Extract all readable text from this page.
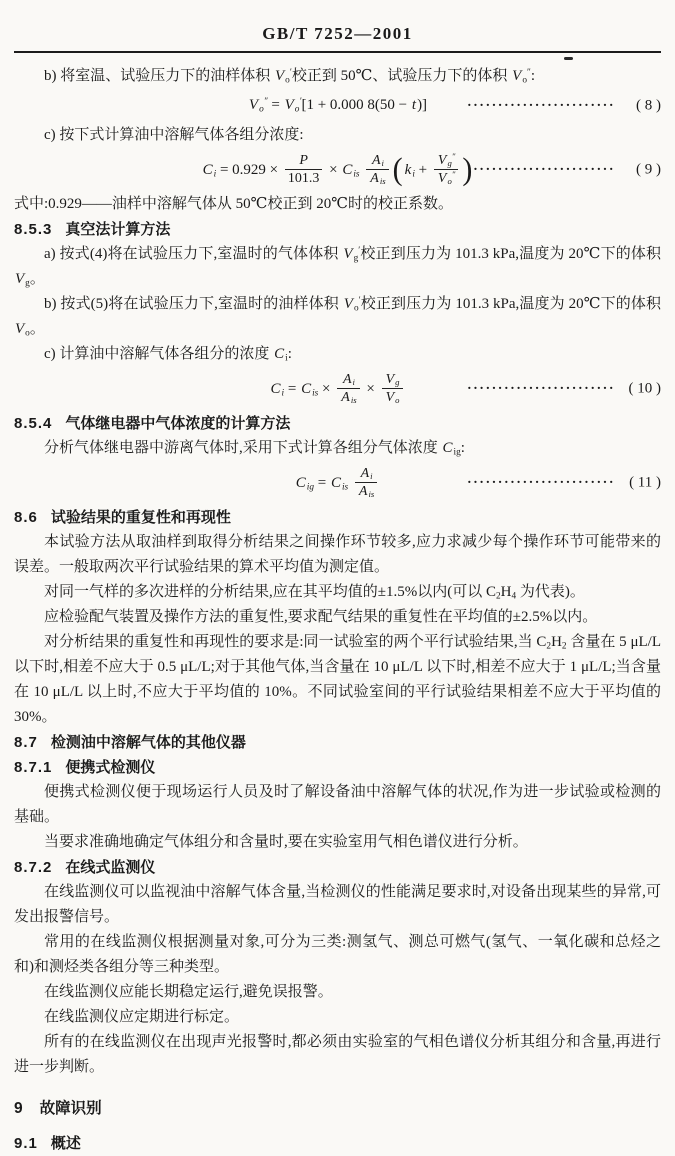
GB/T 7252—2001

b) 将室温、试验压力下的油样体积 $V_o'$校正到 50℃、试验压力下的体积 $V_o''$:

$V_o'' = V_o'[1 + 0.000$ 8(50 − t)]	························	( 8 )

c) 按下式计算油中溶解气体各组分浓度:

$C_i = 0.929 \times \frac{P}{101.3} \times C_{is} \frac{A_i}{A_{is}}$ ( $k_i + \frac{V_g''}{V_o''}$ )
························	( 9 )

式中:0.929——油样中溶解气体从 50℃校正到 20℃时的校正系数。

8.5.3 真空法计算方法

a) 按式(4)将在试验压力下,室温时的气体体积 $V_g'$校正到压力为 101.3 kPa,温度为 20℃下的体积 $V_g$。

b) 按式(5)将在试验压力下,室温时的油样体积 $V_o'$校正到压力为 101.3 kPa,温度为 20℃下的体积 $V_o$。

c) 计算油中溶解气体各组分的浓度 $C_i$:

$C_i = C_{is} \times \frac{A_i}{A_{is}} \times \frac{V_g}{V_o}$	························ ( 10 )
8.5.4 气体继电器中气体浓度的计算方法

分析气体继电器中游离气体时,采用下式计算各组分气体浓度 $C_{ig}$:

$C_{ig} = C_{is} \frac{A_i}{A_{is}}$	························ ( 11 )
8.6 试验结果的重复性和再现性

本试验方法从取油样到取得分析结果之间操作环节较多,应力求减少每个操作环节可能带来的误差。一般取两次平行试验结果的算术平均值为测定值。

对同一气样的多次进样的分析结果,应在其平均值的±1.5%以内(可以 $C_2H_4$ 为代表)。

应检验配气装置及操作方法的重复性,要求配气结果的重复性在平均值的±2.5%以内。

对分析结果的重复性和再现性的要求是:同一试验室的两个平行试验结果,当 $C_2H_2$ 含量在 5 μL/L 以下时,相差不应大于 0.5 μL/L;对于其他气体,当含量在 10 μL/L 以下时,相差不应大于 1 μL/L;当含量在 10 μL/L 以上时,不应大于平均值的 10%。不同试验室间的平行试验结果相差不应大于平均值的 30%。

8.7 检测油中溶解气体的其他仪器
8.7.1 便携式检测仪

便携式检测仪便于现场运行人员及时了解设备油中溶解气体的状况,作为进一步试验或检测的基础。

当要求准确地确定气体组分和含量时,要在实验室用气相色谱仪进行分析。

8.7.2 在线式监测仪

在线监测仪可以监视油中溶解气体含量,当检测仪的性能满足要求时,对设备出现某些的异常,可发出报警信号。

常用的在线监测仪根据测量对象,可分为三类:测氢气、测总可燃气(氢气、一氧化碳和总烃之和)和测烃类各组分等三种类型。

在线监测仪应能长期稳定运行,避免误报警。

在线监测仪应定期进行标定。

所有的在线监测仪在出现声光报警时,都必须由实验室的气相色谱仪分析其组分和含量,再进行进一步判断。

9 故障识别
9.1 概述
